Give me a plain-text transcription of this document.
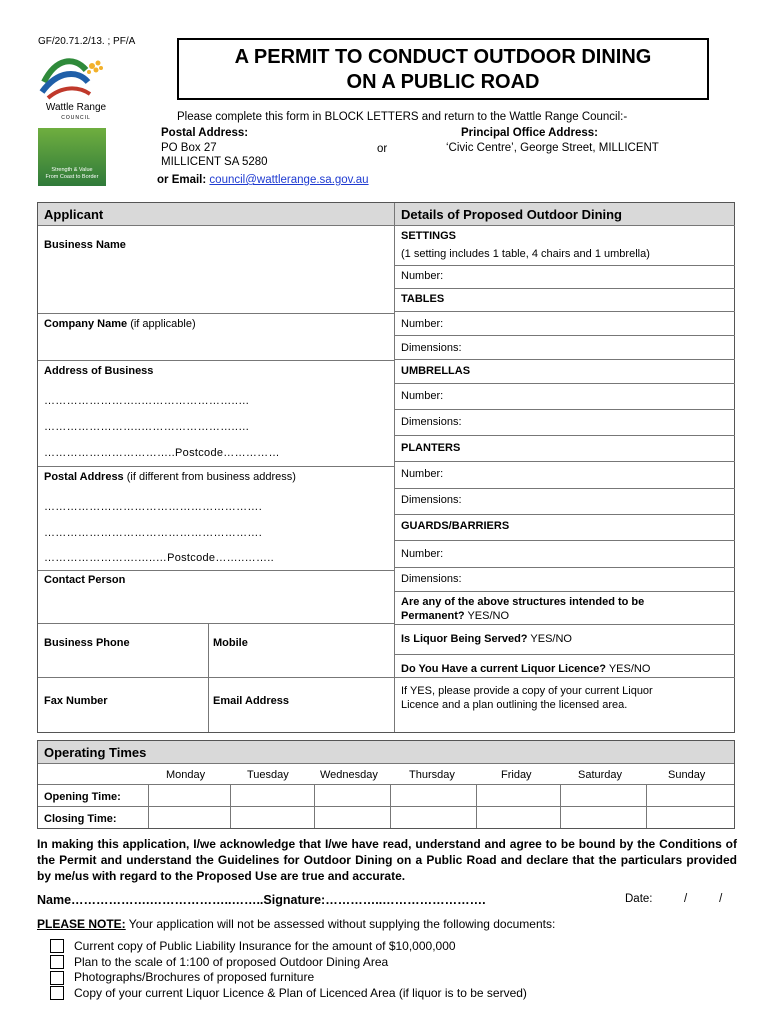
GF/20.71.2/13. ; PF/A
Wattle Range
COUNCIL
Strength & Value
From Coast to Border
A PERMIT TO CONDUCT OUTDOOR DINING
ON A PUBLIC ROAD
Please complete this form in BLOCK LETTERS and return to the Wattle Range Council:-
Postal Address:
PO Box 27
MILLICENT SA 5280
or
Principal Office Address:
‘Civic Centre’, George Street, MILLICENT
or Email: council@wattlerange.sa.gov.au
Applicant
Business Name
Company Name (if applicable)
Address of Business
……………………..……………………..…
……………………..……………………..…
……………………………..Postcode……………
Postal Address (if different from business address)
………………………………………………….
………………………………………………….
…………………….…..…Postcode……..……..
Contact Person
Business Phone	Mobile
Fax Number	Email Address
Details of Proposed Outdoor Dining
SETTINGS
(1 setting includes 1 table, 4 chairs and 1 umbrella)
Number:
TABLES
Number:
Dimensions:
UMBRELLAS
Number:
Dimensions:
PLANTERS
Number:
Dimensions:
GUARDS/BARRIERS
Number:
Dimensions:
Are any of the above structures intended to be
Permanent? YES/NO
Is Liquor Being Served? YES/NO
Do You Have a current Liquor Licence? YES/NO
If YES, please provide a copy of your current Liquor
Licence and a plan outlining the licensed area.
Operating Times
Monday	Tuesday	Wednesday	Thursday	Friday	Saturday	Sunday
Opening Time:
Closing Time:
In making this application, I/we acknowledge that I/we have read, understand and agree to be bound by the Conditions of the Permit and understand the Guidelines for Outdoor Dining on a Public Road and declare that the particulars provided by me/us with regard to the Proposed Use are true and accurate.
Name……………….………………..……..Signature:…………..…………………….	Date:	/          /
PLEASE NOTE: Your application will not be assessed without supplying the following documents:
Current copy of Public Liability Insurance for the amount of $10,000,000
Plan to the scale of 1:100 of proposed Outdoor Dining Area
Photographs/Brochures of proposed furniture
Copy of your current Liquor Licence & Plan of Licenced Area (if liquor is to be served)
